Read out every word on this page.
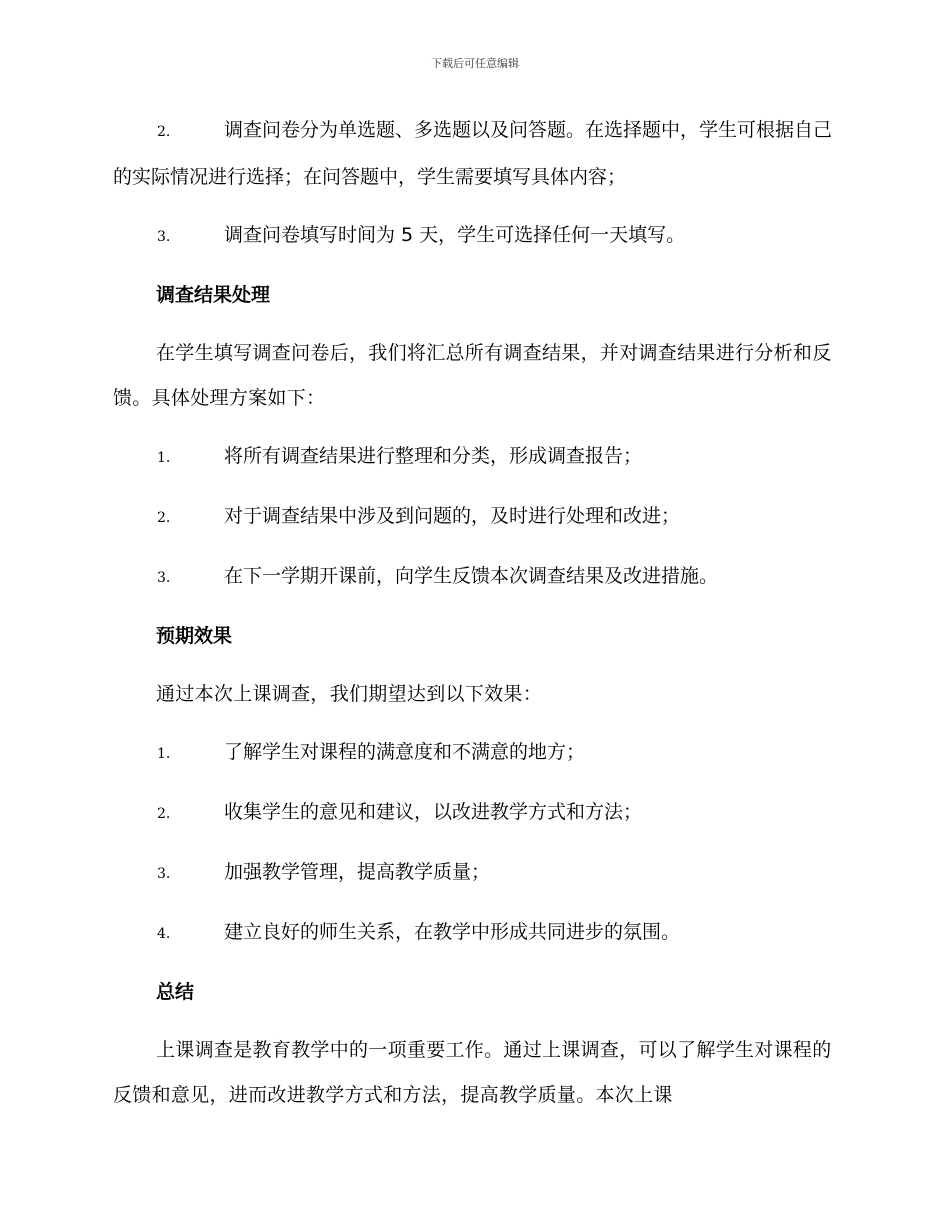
下载后可任意编辑
2.	调查问卷分为单选题、多选题以及问答题。在选择题中，学生可根据自己的实际情况进行选择；在问答题中，学生需要填写具体内容；
3.	调查问卷填写时间为 5 天，学生可选择任何一天填写。
调查结果处理
在学生填写调查问卷后，我们将汇总所有调查结果，并对调查结果进行分析和反馈。具体处理方案如下：
1.	将所有调查结果进行整理和分类，形成调查报告；
2.	对于调查结果中涉及到问题的，及时进行处理和改进；
3.	在下一学期开课前，向学生反馈本次调查结果及改进措施。
预期效果
通过本次上课调查，我们期望达到以下效果：
1.	了解学生对课程的满意度和不满意的地方；
2.	收集学生的意见和建议，以改进教学方式和方法；
3.	加强教学管理，提高教学质量；
4.	建立良好的师生关系，在教学中形成共同进步的氛围。
总结
上课调查是教育教学中的一项重要工作。通过上课调查，可以了解学生对课程的反馈和意见，进而改进教学方式和方法，提高教学质量。本次上课
